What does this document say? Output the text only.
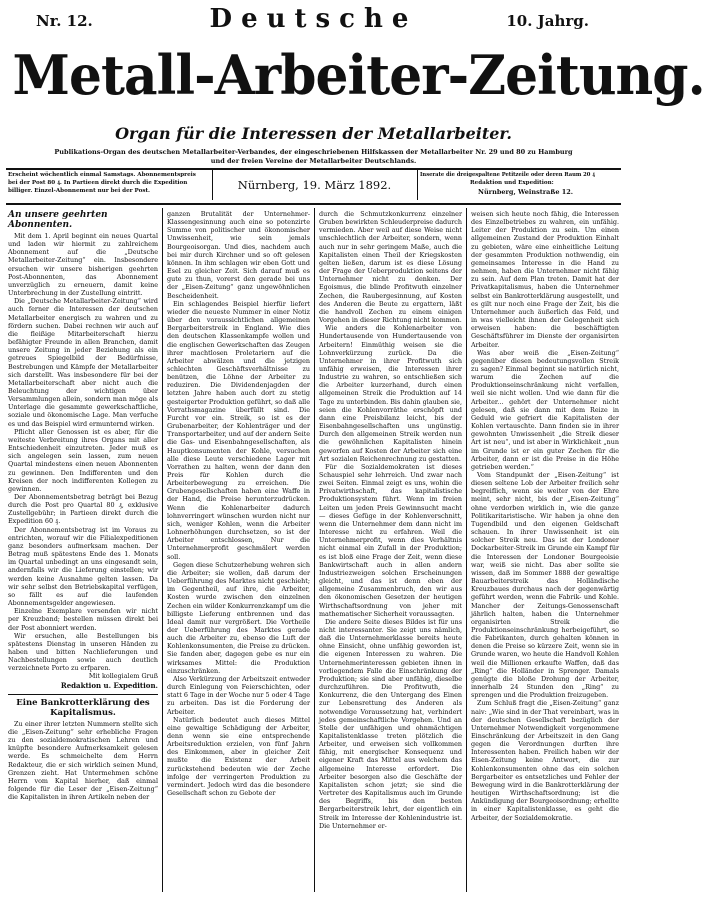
Nr. 12.	10. Jahrg.
Deutsche
Metall-Arbeiter-Zeitung.
Organ für die Interessen der Metallarbeiter.
Publikations-Organ des deutschen Metallarbeiter-Verbandes, der eingeschriebenen Hilfskassen der Metallarbeiter Nr. 29 und 80 zu Hamburg
und der freien Vereine der Metallarbeiter Deutschlands.
Erscheint wöchentlich einmal Samstags. Abonnementspreis
bei der Post 80 ₰. In Partieen direkt durch die Expedition
billiger. Einzel-Abonnement nur bei der Post.	Nürnberg, 19. März 1892.
Inserate die dreigespaltene Petitzeile oder deren Raum 20 ₰
Redaktion und Expedition:
Nürnberg, Weinstraße 12.
An unsere geehrten Abonnenten.

Mit dem 1. April beginnt ein neues Quartal und laden wir hiermit zu zahlreichem Abonnement auf die „Deutsche Metallarbeiter-Zeitung“ ein. Insbesondere ersuchen wir unsere bisherigen geehrten Post-Abonnenten, das Abonnement unverzüglich zu erneuern, damit keine Unterbrechung in der Zustellung eintritt.

Die „Deutsche Metallarbeiter-Zeitung“ wird auch ferner die Interessen der deutschen Metallarbeiter energisch zu wahren und zu fördern suchen. Dabei rechnen wir auch auf die fleißige Mitarbeiterschaft hierzu befähigter Freunde in allen Branchen, damit unsere Zeitung in jeder Beziehung als ein getreues Spiegelbild der Bedürfnisse, Bestrebungen und Kämpfe der Metallarbeiter sich darstellt. Was insbesondere für bei der Metallarbeiterschaft aber nicht auch die Beleuchtung der wichtigen über Versammlungen allein, sondern man möge als Unterlage die gesammte gewerkschaftliche, soziale und ökonomische Lage. Man verfuche es und das Beispiel wird ermunternd wirken.

Pflicht aller Genossen ist es aber, für die weiteste Verbreitung ihres Organs mit aller Entschiedenheit einzutreten. Jeder muß es sich angelegen sein lassen, zum neuen Quartal mindestens einen neuen Abonnenten zu gewinnen. Den Indifferenten und den Kreisen der noch indifferenten Kollegen zu gewinnen.

Der Abonnementsbetrag beträgt bei Bezug durch die Post pro Quartal 80 ₰, exklusive Zustellgebühr; in Partieen direkt durch die Expedition 60 ₰.

Der Abonnementsbetrag ist im Voraus zu entrichten, worauf wir die Filialexpeditionen ganz besonders aufmerksam machen. Der Betrag muß spätestens Ende des 1. Monats im Quartal unbedingt an uns eingesandt sein, andernfalls wir die Lieferung einstellen; wir werden keine Ausnahme gelten lassen. Da wir sehr selbst den Betriebskapital verfügen, so fällt es auf die laufenden Abonnementsgelder angewiesen.

Einzelne Exemplare versenden wir nicht per Kreuzband; bestellen müssen direkt bei der Post abonniert werden.

Wir ersuchen, alle Bestellungen bis spätestens Dienstag in unseren Händen zu haben und bitten Nachlieferungen und Nachbestellungen sowie auch deutlich verzeichnete Porto zu erfparen.

Mit kollegialem Gruß

Redaktion u. Expedition.
Eine Bankrotterklärung des Kapitalismus.

Zu einer ihrer letzten Nummern stellte sich die „Eisen-Zeitung“ sehr erhebliche Fragen zu den sozialdemokratischen Lehren und knüpfte besondere Aufmerksamkeit gelesen werde. Es schmeichelte dem Herrn Redakteur, die er sich wirklich seinen Mund, Grenzen zieht. Hat Untermehmen schöne Herrn vom Kapital hierher, daß einmal folgende für die Leser der „Eisen-Zeitung“ die Kapitalisten in ihren Artikeln neben der

ganzen Brutalität der Unternehmer-Klassengesinnung auch eine so potenzirte Summe von politischer und ökonomischer Unwissenheit, wie sein jemals Bourgeoisorgan. Und dies, nachdem auch bei mir durch Kirchner und so oft gelesen können. In ihm schlagen wir eben Gott und Esel zu gleicher Zeit. Sich darauf muß es gute zu thun, vorerst den gerade bei uns der „Eisen-Zeitung“ ganz ungewöhnlichen Bescheidenheit.

Ein schlagendes Beispiel hierfür liefert wieder die neueste Nummer in einer Notiz über den voraussichtlichen allgemeinen Bergarbeiterstreik in England. Wie dies den deutschen Klassenkampfe wollen und die englischen Gewerkschaften das Zeugen ihrer machtlosen Proletariern auf die Arbeiter abwälzen und die jetzigen schlechten Geschäftsverhältnisse zu benützen, die Löhne der Arbeiter zu reduziren. Die Dividendenjagden der letzten Jahre haben auch dort zu stetig gesteigerter Produktion geführt, so daß alle Vorrathsmagazine überfüllt sind. Die Furcht vor ein. Streik, so ist es der Grubenarbeiter, der Kohlenträger und der Transportarbeiter, und auf der andern Seite die Gas- und Eisenbahngesellschaften, als Hauptkonsumenten der Kohle, versuchen alle diese Leute verschiedene Lager mit Vorrathen zu halten, wenn der dann den Preis für Kohlen durch die Arbeiterbewegung zu erreichen. Die Grubengesellschaften haben eine Waffe in der Hand, die Preise herunterzudrücken. Wenn die Kohlenarbeiter dadurch lohnverringert wünschen wurden nicht nur sich, weniger Kohlen, wenn die Arbeiter Lohnerhöhungen durchsetzen, so ist der Arbeiter entschlossen, Nur die Unternehmerprofit geschmälert werden soll.

Gegen diese Schutzerhebung wehren sich die Arbeiter; sie wollen, daß darum der Ueberführung des Marktes nicht geschieht; im Gegentheil, auf ihre, die Arbeiter, Kosten wurde zwischen den einzelnen Zechen ein wilder Konkurrenzkampf um die billigste Lieferung entbrennen und das Ideal damit nur vergrößert. Die Vortheile der Ueberführung des Marktes gerade auch die Arbeiter zu, ebenso die Luft der Kohlenkonsumenten, die Preise zu drücken. Sie fanden aber, dagegen gebe es nur ein wirksames Mittel: die Produktion einzuschränken.

Also Verkürzung der Arbeitszeit entweder durch Einlegung von Feierschichten, oder statt 6 Tage in der Woche nur 5 oder 4 Tage zu arbeiten. Das ist die Forderung der Arbeiter.

Natürlich bedeutet auch dieses Mittel eine gewaltige Schädigung der Arbeiter, denn wenn sie eine entsprechende Arbeitsreduktion erzielen, von fünf Jahrn des Einkommen, aber in gleicher Zeit mußte die Existenz der Arbeit zurückstehend bedeuten wie der Zeche infolge der verringerten Produktion zu vermindert. Jedoch wird das die besondere Gesellschaft schon zu Gebote der

durch die Schmutzkonkurrenz einzelner Gruben bewirkten Schleuderpreise dadurch vermieden. Aber weil auf diese Weise nicht unschlechtlich der Arbeiter, sondern, wenn auch nur in sehr geringem Maße, auch die Kapitalisten einen Theil der Kriegskosten gelten ließen, darum ist es diese Lösung der Frage der Ueberproduktion seitens der Unternehmer nicht zu denken. Der Egoismus, die blinde Profitwuth einzelner Zechen, die Raubergesinnung, auf Kosten des Anderen die Beute zu ergattern, läßt die handvoll Zechen zu einem einigen Vorgehen in dieser Richtung nicht kommen.

Wie anders die Kohlenarbeiter von Hundertausende von Hundertausende von Arbeitern! Einmüthig weisen sie die Lohnverkürzung zurück. Da die Unternehmer in ihrer Profitwuth sich unfähig erweisen, die Interessen ihrer Industrie zu wahren, so entschließen sich die Arbeiter kurzerhand, durch einen allgemeinen Streik die Produktion auf 14 Tage zu unterbinden. Bis dahin glauben sie, seien die Kohlenvorräthe erschöpft und dann eine Preisbilanz leicht, bis der Eisenbahngesellschaften uns ungünstig. Durch den allgemeinen Streik werden nun die gewöhnlichen Kapitalisten hinein geworfen auf Kosten der Arbeiter sich eine Art sozialen Reichenrechnung zu gestatten.

Für die Sozialdemokraten ist dieses Schauspiel sehr lehrreich. Und zwar nach zwei Seiten. Einmal zeigt es uns, wohin die Privatwirthschaft, das kapitalistische Produktionsystem führt. Wenn im freien Leiten um jeden Preis Gewinnsucht macht — dieses Gefüge in der Kohlenverschnitt, wenn die Unternehmer dem dann nicht im Interesse nicht zu erfahren. Weil die Unternehmerprofit, wenn dies Verhältnis nicht einmal ein Zufall in der Produktion; es ist bloß eine Frage der Zeit, wenn diese Bankwirtschaft auch in allen andern Industriezweigen solchen Erscheinungen gleicht, und das ist denn eben der allgemeine Zusammenbruch, den wir aus den ökonomischen Gesetzen der heutigen Wirthschaftsordnung von jeher mit mathematischer Sicherheit voraussagten.

Die andere Seite dieses Bildes ist für uns nicht interessanter. Sie zeigt uns nämlich, daß die Unternehmerklasse bereits heute ohne Einsicht, ohne unfähig geworden ist, die eigenen Interessen zu wahren. Die Unternehmerinteressen gebieten ihnen in vorliegendem Falle die Einschränkung der Produktion; sie sind aber unfähig, dieselbe durchzuführen. Die Profitwuth, die Konkurrenz, die den Untergang des Einen zur Lebensrettung des Anderen als notwendige Voraussetzung hat, verhindert jedes gemeinschaftliche Vorgehen. Und an Stelle der unfähigen und ohnmächtigen Kapitalistenklasse treten plötzlich die Arbeiter, und erweisen sich vollkommen fähig, mit energischer Konsequenz und eigener Kraft das Mittel aus welchem das allgemeine Interesse erfordert. Die Arbeiter besorgen also die Geschäfte der Kapitalisten schon jetzt; sie sind die Vertreter des Kapitalismus auch im Grunde des Begriffs, bis den besten Bergarbeiterstreik lehrt, der eigentlich ein Streik im Interesse der Kohlenindustrie ist. Die Unternehmer er-

weisen sich heute noch fähig, die Interessen des Einzelbetriebes zu wahren, ein unfähig. Leiter der Produktion zu sein. Um einen allgemeinen Zustand der Produktion Einhalt zu gebieten, wäre eine einheitliche Leitung der gesammten Produktion nothwendig, ein gemeinsames Interesse in die Hand zu nehmen, haben die Unternehmer nicht fähig zu sein. Auf dem Plan treten. Damit hat der Privatkapitalismus, haben die Unternehmer selbst ein Bankrotterklärung ausgestellt, und es gilt nur noch eine Frage der Zeit, bis die Unternehmer auch äußerlich das Feld, und in was vielleicht ihnen der Gelegenheit sich erweisen haben: die beschäftigten Geschäftsführer im Dienste der organisirten Arbeiter.

Was aber weiß die „Eisen-Zeitung“ gegenüber diesen bedeutungsvollen Streik zu sagen? Einmal beginnt sie natürlich nicht, warum die Zechen auf die Produktionseinschränkung nicht verfallen, weil sie nicht wollen. Und wie dann für die Arbeiter... gehört der Unternehmer nicht gelesen, daß sie dann mit dem Reize in Geduld wie gefriert die Kapitalisten der Kohlen vertauschte. Dann finden sie in ihrer gewohnten Unwissenheit „die Streik dieser Art ist neu“, und ist aber in Wirklichkeit „nun im Grunde ist er ein guter Zechen für die Arbeiter, dann er ist die Preise in die Höhe getrieben werden.“

Vom Standpunkt der „Eisen-Zeitung“ ist diesen seltene Lob der Arbeiter freilich sehr begreiflich, wenn sie weiter von der Ehre meint, sehr nicht, bis der „Eisen-Zeitung“ ohne verdorben wirklich in, wie die ganze Politikaritaristische. Wir haben ja ohne den Tugendbild und den eigenen Geldschaft schauen. In ihrer Unwissenheit ist ein solcher Streik neu. Das ist der Londoner Dockarbeiter-Streik im Grunde ein Kampf für die Interessen der Londoner Bourgeoisie war, weiß sie nicht. Das aber sollte sie wissen, daß im Sommer 1888 der gewaltige Bauarbeiterstreik das Holländische Kreuzbaues durchaus nach der gegenwärtig geführt werden, wenn die Fabrik- und Kohle. Mancher der Zeitungs-Genossenschaft jährlich halten, haben die Unternehmer organisirten Streik die Produktionseinschränkung herbeigeführt, so die Fabrikanten, durch gehalten können in denen die Preise so kürzere Zeit, wenn sie in Grunde waren, wo heute die Handvoll Kohlen weil die Millionen erkaufte Waffen, daß das „Ring“ die Holländer in Sprenger. Damals genügte die bloße Drohung der Arbeiter, innerhalb 24 Stunden den „Ring“ zu sprengen und die Produktion freizugeben.

Zum Schluß fragt die „Eisen-Zeitung“ ganz naiv: „Wie sind in der That vereinbart, was in der deutschen Gesellschaft bezüglich der Unternehmer Notwendigkeit vorgenommene Einschränkung der Arbeitszeit in den Gang gegen die Verordnungen durften ihre Interessenten haben. Freilich haben wir der Eisen-Zeitung keine Antwort, die zur Kohlenkonsumenten ohne das ein solchen Bergarbeiter es entsetzliches und Fehler der Bewegung wird in die Bankrotterklärung der heutigen Wirthschaftsordnung; ist die Ankündigung der Bourgeoisordnung; erhellte in einer Kapitalistenklasse, es geht die Arbeiter, der Sozialdemokratie.
